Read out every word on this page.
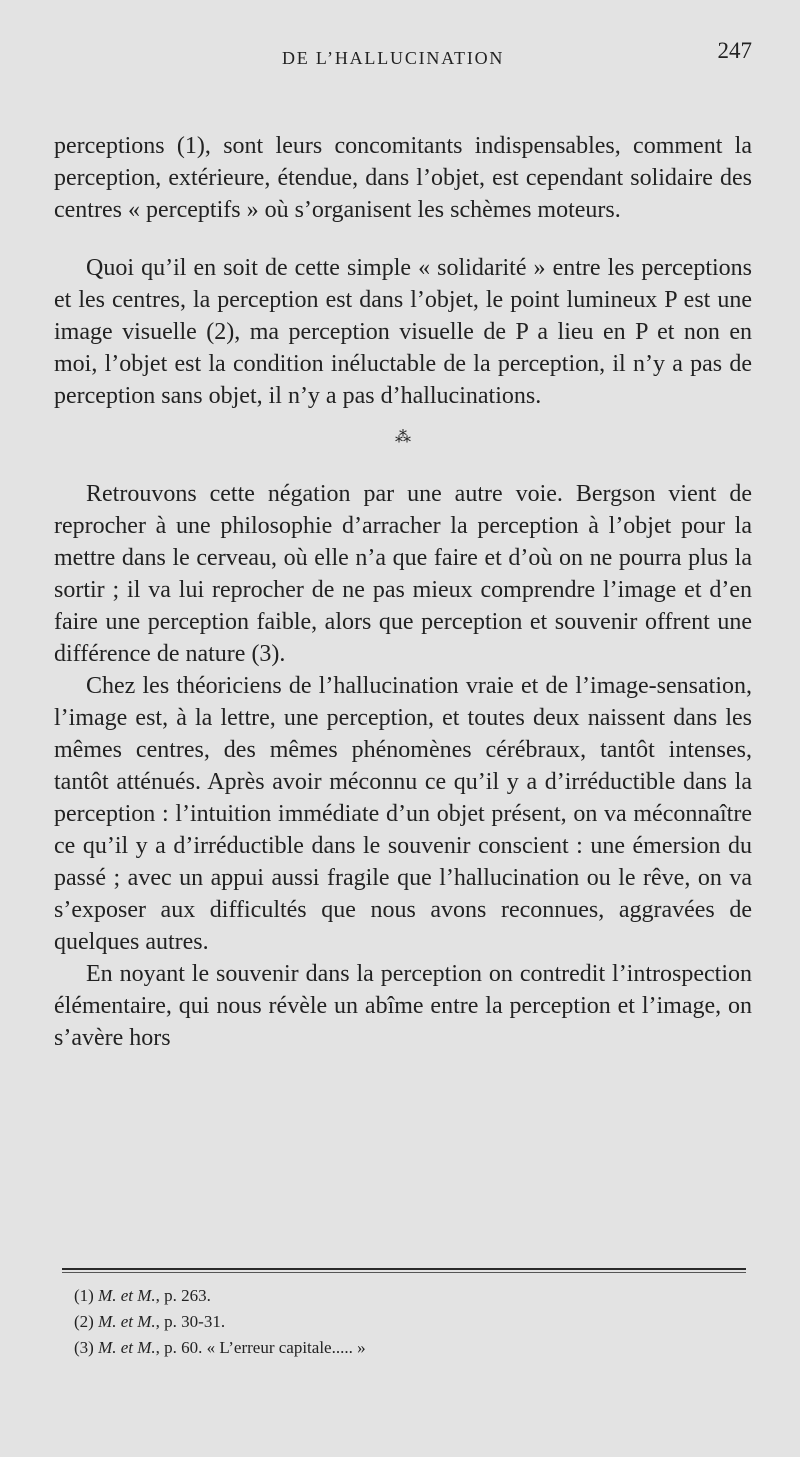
DE L’HALLUCINATION	247

perceptions (1), sont leurs concomitants indispensables, comment la perception, extérieure, étendue, dans l’objet, est cependant solidaire des centres « perceptifs » où s’organisent les schèmes moteurs.

Quoi qu’il en soit de cette simple « solidarité » entre les perceptions et les centres, la perception est dans l’objet, le point lumineux P est une image visuelle (2), ma perception visuelle de P a lieu en P et non en moi, l’objet est la condition inéluctable de la perception, il n’y a pas de perception sans objet, il n’y a pas d’hallucinations.

⁂

Retrouvons cette négation par une autre voie. Bergson vient de reprocher à une philosophie d’arracher la perception à l’objet pour la mettre dans le cerveau, où elle n’a que faire et d’où on ne pourra plus la sortir ; il va lui reprocher de ne pas mieux comprendre l’image et d’en faire une perception faible, alors que perception et souvenir offrent une différence de nature (3).

Chez les théoriciens de l’hallucination vraie et de l’image-sensation, l’image est, à la lettre, une perception, et toutes deux naissent dans les mêmes centres, des mêmes phénomènes cérébraux, tantôt intenses, tantôt atténués. Après avoir méconnu ce qu’il y a d’irréductible dans la perception : l’intuition immédiate d’un objet présent, on va méconnaître ce qu’il y a d’irréductible dans le souvenir conscient : une émersion du passé ; avec un appui aussi fragile que l’hallucination ou le rêve, on va s’exposer aux difficultés que nous avons reconnues, aggravées de quelques autres.

En noyant le souvenir dans la perception on contredit l’introspection élémentaire, qui nous révèle un abîme entre la perception et l’image, on s’avère hors

(1) M. et M., p. 263.

(2) M. et M., p. 30-31.

(3) M. et M., p. 60. « L’erreur capitale..... »
